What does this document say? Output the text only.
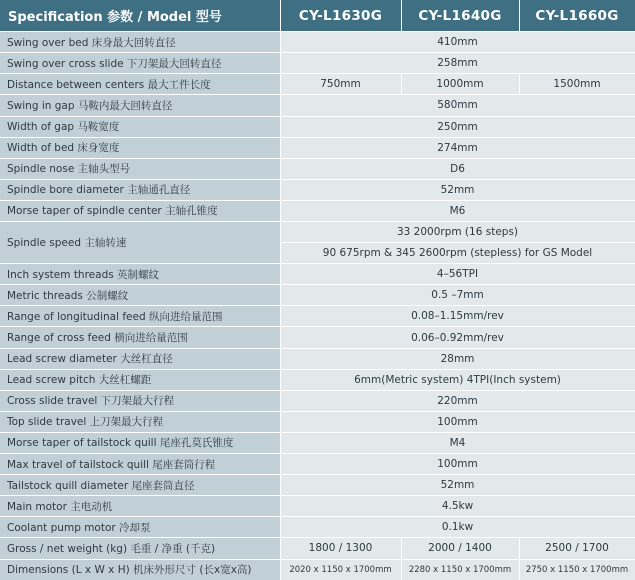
Specification 参数 / Model 型号	CY-L1630G	CY-L1640G	CY-L1660G
Swing over bed 床身最大回转直径	410mm		
Swing over cross slide 下刀架最大回转直径	258mm		
Distance between centers 最大工件长度	750mm	1000mm	1500mm
Swing in gap 马鞍内最大回转直径	580mm		
Width of gap 马鞍宽度	250mm		
Width of bed 床身宽度	274mm		
Spindle nose 主轴头型号	D6		
Spindle bore diameter 主轴通孔直径	52mm		
Morse taper of spindle center 主轴孔锥度	M6		
Spindle speed 主轴转速	33 2000rpm (16 steps)		
	90 675rpm & 345 2600rpm (stepless) for GS Model		
Inch system threads 英制螺纹	4–56TPI		
Metric threads 公制螺纹	0.5 –7mm		
Range of longitudinal feed 纵向进给量范围	0.08–1.15mm/rev		
Range of cross feed 横向进给量范围	0.06–0.92mm/rev		
Lead screw diameter 大丝杠直径	28mm		
Lead screw pitch 大丝杠螺距	6mm(Metric system) 4TPI(Inch system)		
Cross slide travel 下刀架最大行程	220mm		
Top slide travel 上刀架最大行程	100mm		
Morse taper of tailstock quill 尾座孔莫氏锥度	M4		
Max travel of tailstock quill 尾座套筒行程	100mm		
Tailstock quill diameter 尾座套筒直径	52mm		
Main motor 主电动机	4.5kw		
Coolant pump motor 冷却泵	0.1kw		
Gross / net weight (kg) 毛重 / 净重 (千克)	1800 / 1300	2000 / 1400	2500 / 1700
Dimensions (L x W x H) 机床外形尺寸 (长x宽x高)	2020 x 1150 x 1700mm	2280 x 1150 x 1700mm	2750 x 1150 x 1700mm
